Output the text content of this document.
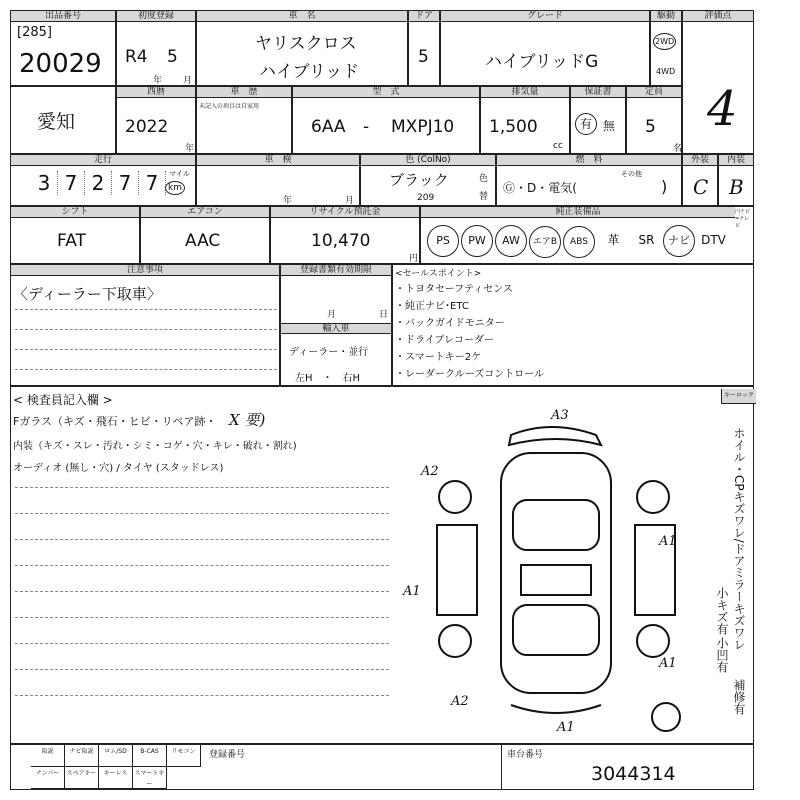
出品番号
[285]
20029
初度登録
R4 5
年 月
車　名
ヤリスクロス
ハイブリッド
ドア
5
グレード
ハイブリッドG
駆動
2WD
4WD
評価点
4
愛知
西暦
2022
年
車　歴
未記入の項目は自家用
型　式
6AA - MXPJ10
排気量
1,500
cc
保証書
有 無
定員
5
名
走行
3 7 2 7 7	マイル
km
車　検
年	月
色 (ColNo)
ブラック
209
色
替
燃　料
Ⓖ・D・電気(
その他
)
外装
C
内装
B
シフト
FAT
エアコン
AAC
リサイクル預託金
10,470
円
純正装備品	円ナビ=テレビ
PS PW AW エアB ABS 革 SR ナビ DTV
注意事項
〈ディーラー下取車〉
登録書類有効期限
月	日
輸入車
ディーラー・並行
左H　・　右H
<セールスポイント>
・トヨタセーフティセンス
・純正ナビ･ETC
・バックガイドモニター
・ドライブレコーダー
・スマートキー2ケ
・レーダークルーズコントロール
< 検査員記入欄 >
Fガラス（キズ・飛石・ヒビ・リペア跡・ X 要)
内装（キズ・スレ・汚れ・シミ・コゲ・穴・キレ・破れ・割れ)
オーディオ (無し・穴) / タイヤ (スタッドレス)
A3
A2
A1
A1
A1
A2
A1
キーロック
ホイル・CPキズワレ/ドアミラーキズワレ
小キズ有
小凹有
補修有
取説	ナビ取説	ロム/SD	B-CAS	リモコン
ナンバー	スペアキー	キーレス	スマートキー
登録番号	車台番号
3044314
